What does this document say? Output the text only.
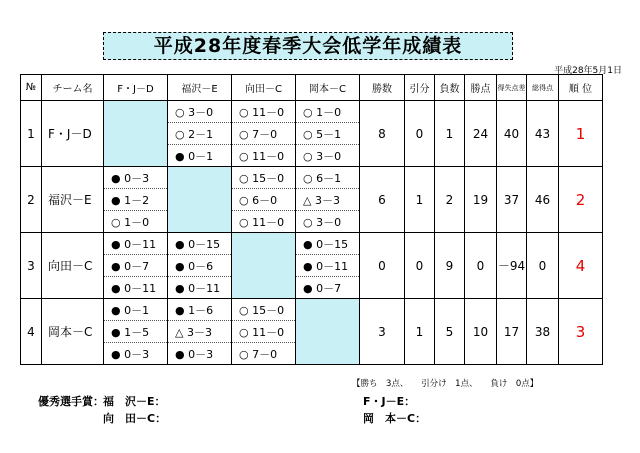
平成28年度春季大会低学年成績表
平成28年5月1日
№	チーム名	F・J－D	福沢－E	向田－C	岡本－C	勝数	引分	負数	勝点	得失点差	総得点	順 位
1	F・J－D		○ 3－0	○ 11－0	○ 1－0	8	0	1	24	40	43	1
			○ 2－1	○ 7－0	○ 5－1							
			● 0－1	○ 11－0	○ 3－0							
2	福沢－E	● 0－3		○ 15－0	○ 6－1	6	1	2	19	37	46	2
		● 1－2		○ 6－0	△ 3－3							
		○ 1－0		○ 11－0	○ 3－0							
3	向田－C	● 0－11	● 0－15		● 0－15	0	0	9	0	－94	0	4
		● 0－7	● 0－6		● 0－11							
		● 0－11	● 0－11		● 0－7							
4	岡本－C	● 0－1	● 1－6	○ 15－0		3	1	5	10	17	38	3
		● 1－5	△ 3－3	○ 11－0								
		● 0－3	● 0－3	○ 7－0								
【勝ち　3点、　　引分け　1点、　　負け　0点】
優秀選手賞： 福　沢－E：
向　田－C：
F・J－E：
岡　本－C：
